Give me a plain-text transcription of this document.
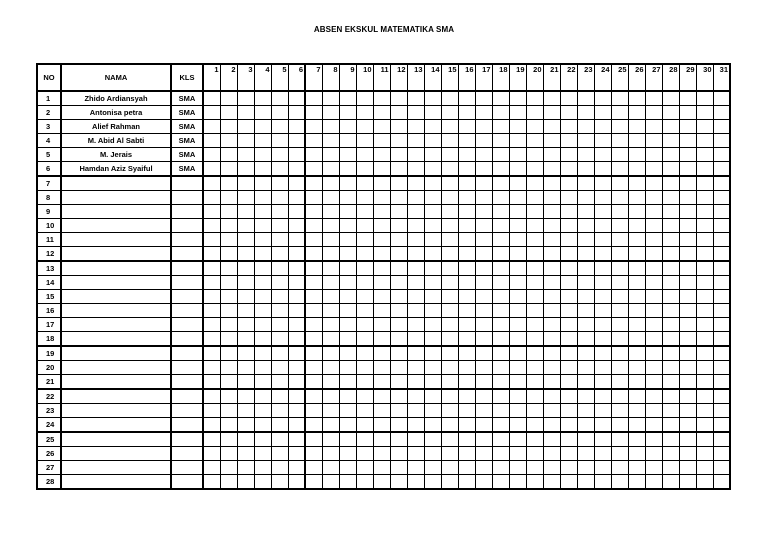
ABSEN EKSKUL MATEMATIKA SMA
NO	NAMA	KLS	1	2	3	4	5	6	7	8	9	10	11	12	13	14	15	16	17	18	19	20	21	22	23	24	25	26	27	28	29	30	31
1	Zhido Ardiansyah	SMA																															
2	Antonisa petra	SMA																															
3	Alief Rahman	SMA																															
4	M. Abid Al Sabti	SMA																															
5	M. Jerais	SMA																															
6	Hamdan Aziz Syaiful	SMA																															
7																																	
8																																	
9																																	
10																																	
11																																	
12																																	
13																																	
14																																	
15																																	
16																																	
17																																	
18																																	
19																																	
20																																	
21																																	
22																																	
23																																	
24																																	
25																																	
26																																	
27																																	
28																																	
